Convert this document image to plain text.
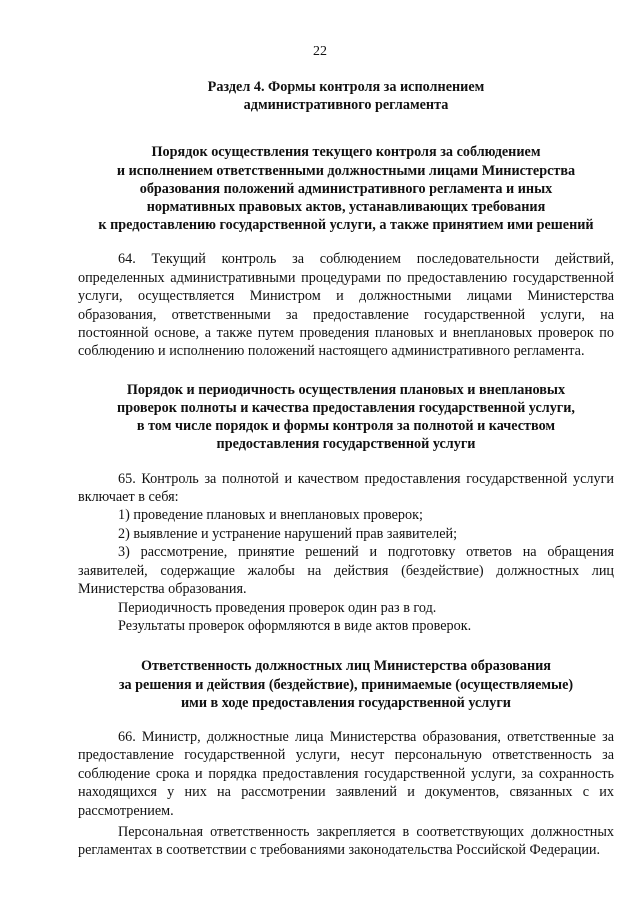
22
Раздел 4. Формы контроля за исполнением
административного регламента
Порядок осуществления текущего контроля за соблюдением
и исполнением ответственными должностными лицами Министерства
образования положений административного регламента и иных
нормативных правовых актов, устанавливающих требования
к предоставлению государственной услуги, а также принятием ими решений

64. Текущий контроль за соблюдением последовательности действий, определенных административными процедурами по предоставлению государственной услуги, осуществляется Министром и должностными лицами Министерства образования, ответственными за предоставление государственной услуги, на постоянной основе, а также путем проведения плановых и внеплановых проверок по соблюдению и исполнению положений настоящего административного регламента.

Порядок и периодичность осуществления плановых и внеплановых
проверок полноты и качества предоставления государственной услуги,
в том числе порядок и формы контроля за полнотой и качеством
предоставления государственной услуги

65. Контроль за полнотой и качеством предоставления государственной услуги включает в себя:

1) проведение плановых и внеплановых проверок;

2) выявление и устранение нарушений прав заявителей;

3) рассмотрение, принятие решений и подготовку ответов на обращения заявителей, содержащие жалобы на действия (бездействие) должностных лиц Министерства образования.

Периодичность проведения проверок один раз в год.

Результаты проверок оформляются в виде актов проверок.

Ответственность должностных лиц Министерства образования
за решения и действия (бездействие), принимаемые (осуществляемые)
ими в ходе предоставления государственной услуги

66. Министр, должностные лица Министерства образования, ответственные за предоставление государственной услуги, несут персональную ответственность за соблюдение срока и порядка предоставления государственной услуги, за сохранность находящихся у них на рассмотрении заявлений и документов, связанных с их рассмотрением.

Персональная ответственность закрепляется в соответствующих должностных регламентах в соответствии с требованиями законодательства Российской Федерации.
